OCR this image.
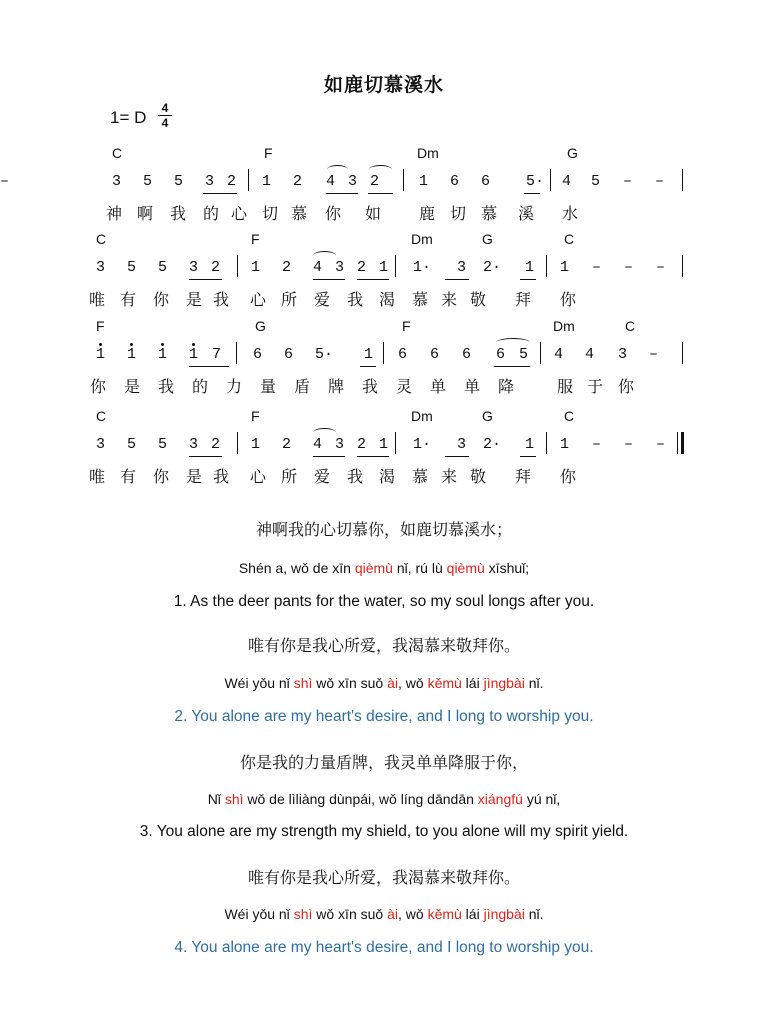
如鹿切慕溪水
1= D	4
4
C	F	Dm	G
3 5 5 3 2 1 2 4 3 2	1 6 6 5· 4 5 – –
–
神 啊 我 的 心 切 慕 你 如 鹿 切 慕 溪 水
C	F	Dm	G	C
3 5 5 3 2 1 2 4 3 2 1 1· 3 2· 1 1 – – –
唯 有 你 是 我 心 所 爱 我 渴 慕 来 敬 拜 你
F	G	F	Dm	C
1 1 1 1 7 6 6 5· 1 6 6 6 6 5 4 4 3 –
你 是 我 的 力 量 盾 牌 我 灵 单 单 降	服 于 你
C	F	Dm	G	C
3 5 5 3 2 1 2 4 3 2 1 1· 3 2· 1 1 – – –
唯 有 你 是 我 心 所 爱 我 渴 慕 来 敬 拜 你
神啊我的心切慕你，如鹿切慕溪水；
Shén a, wǒ de xīn qièmù nǐ, rú lù qièmù xīshuǐ;
1. As the deer pants for the water, so my soul longs after you.
唯有你是我心所爱，我渴慕来敬拜你。
Wéi yǒu nǐ shì wǒ xīn suǒ ài, wǒ kěmù lái jìngbài nǐ.
2. You alone are my heart's desire, and I long to worship you.
你是我的力量盾牌，我灵单单降服于你，
Nǐ shì wǒ de lìliàng dùnpái, wǒ líng dāndān xiángfú yú nǐ,
3. You alone are my strength my shield, to you alone will my spirit yield.
唯有你是我心所爱，我渴慕来敬拜你。
Wéi yǒu nǐ shì wǒ xīn suǒ ài, wǒ kěmù lái jìngbài nǐ.
4. You alone are my heart's desire, and I long to worship you.
